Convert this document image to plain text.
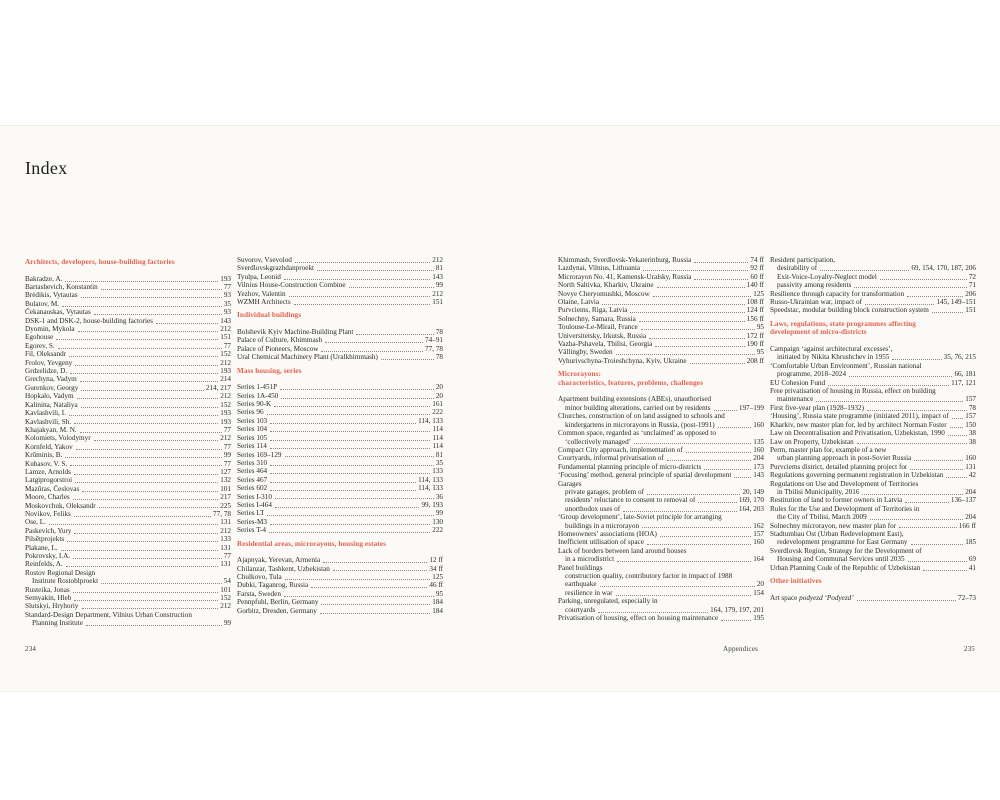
Index
Architects, developers, house-building factories
Bakradze, A.	193
Bartashevich, Konstantin	77
Brėdikis, Vytautas	93
Bulatov, M.	35
Čekanauskas, Vytautas	93
DSK-1 and DSK-2, house-building factories	143
Dyomin, Mykola	212
Egohouse	151
Egorev, S.	77
Fil, Oleksandr	152
Frolov, Yevgeny	212
Grdzelidze, D.	193
Grechyna, Vadym	214
Gurenkov, Georgy	214, 217
Hopkalo, Vadym	212
Kalinina, Nataliya	152
Kavlashvili, I.	193
Kavlashvili, Sh.	193
Khajakyan, M. N.	77
Kolomiets, Volodymyr	212
Kornfeld, Yakov	77
Krūminis, B.	99
Kubasov, V. S.	77
Lamze, Arnolds	127
Latgiprogorstroi	132
Mazūras, Česlovas	101
Moore, Charles	217
Moskovchuk, Oleksandr	225
Novikov, Feliks	77, 78
Ose, L.	131
Paskevich, Yury	212
Pilsētprojekts	133
Plakane, L.	131
Pokrovsky, I.A.	77
Reinfelds, A.	131
Rostov Regional Design
Institute Rostoblproekt	54
Rusteika, Jonas	101
Semyakin, Hleb	152
Slutskyi, Hryhoriy	212
Standard-Design Department, Vilnius Urban Construction
Planning Institute	99
Suvorov, Vsevolod	212
Sverdlovskgrazhdanproekt	81
Tyulpa, Leonid	143
Vilnius House-Construction Combine	99
Yezhov, Valentin	212
WZMH Architects	151
Individual buildings
Bolshevik Kyiv Machine-Building Plant	78
Palace of Culture, Khimmash	74–91
Palace of Pioneers, Moscow	77, 78
Ural Chemical Machinery Plant (Uralkhimmash)	78
Mass housing, series
Series 1-451P	20
Series 1A-450	20
Series 90-K	161
Series 96	222
Series 103	114, 133
Series 104	114
Series 105	114
Series 114	114
Series 169–129	81
Series 310	35
Series 464	133
Series 467	114, 133
Series 602	114, 133
Series I-310	36
Series I-464	99, 193
Series LT	99
Series-M3	130
Series T-4	222
Residential areas, microrayons, housing estates
Ajapnyak, Yerevan, Armenia	12 ff
Chilanzar, Tashkent, Uzbekistan	34 ff
Chulkovo, Tula	125
Dubki, Taganrog, Russia	46 ff
Farsta, Sweden	95
Pennpfuhl, Berlin, Germany	184
Gorbitz, Dresden, Germany	184
Khimmash, Sverdlovsk-Yekaterinburg, Russia	74 ff
Lazdynai, Vilnius, Lithuania	92 ff
Microrayon No. 41, Kamensk-Uralsky, Russia	60 ff
North Saltivka, Kharkiv, Ukraine	140 ff
Novye Cheryomushki, Moscow	125
Olaine, Latvia	108 ff
Purvciems, Riga, Latvia	124 ff
Solnechny, Samara, Russia	156 ff
Toulouse-Le-Mirail, France	95
Universitetsky, Irkutsk, Russia	172 ff
Vazha-Pshavela, Tbilisi, Georgia	190 ff
Vällingby, Sweden	95
Vyhurivschyna-Troieshchyna, Kyiv, Ukraine	208 ff
Microrayons:
characteristics, features, problems, challenges
Apartment building extensions (ABEs), unauthorised
minor building alterations, carried out by residents	197–199
Churches, construction of on land assigned to schools and
kindergartens in microrayons in Russia, (post-1991)	160
Common space, regarded as ‘unclaimed’ as opposed to
‘collectively managed’	135
Compact City approach, implementation of	160
Courtyards, informal privatisation of	204
Fundamental planning principle of micro-districts	173
‘Focusing’ method, general principle of spatial development	143
Garages
private garages, problem of	20, 149
residents’ reluctance to consent to removal of	169, 170
unorthodox uses of	164, 203
‘Group development’, late-Soviet principle for arranging
buildings in a microrayon	162
Homeowners’ associations (HOA)	157
Inefficient utilisation of space	160
Lack of borders between land around houses
in a microdistrict	164
Panel buildings
construction quality, contributory factor in impact of 1988
earthquake	20
resilience in war	154
Parking, unregulated, especially in
courtyards	164, 179, 197, 201
Privatisation of housing, effect on housing maintenance	195
Resident participation,
desirability of	69, 154, 170, 187, 206
Exit-Voice-Loyalty-Neglect model	72
passivity among residents	71
Resilience through capacity for transformation	206
Russo-Ukrainian war, impact of	145, 149–151
Speedstac, modular building block construction system	151
Laws, regulations, state programmes affecting
development of micro-districts
Campaign ‘against architectural excesses’,
initiated by Nikita Khrushchev in 1955	35, 76, 215
‘Comfortable Urban Environment’, Russian national
programme, 2018–2024	66, 181
EU Cohesion Fund	117, 121
Free privatisation of housing in Russia, effect on building
maintenance	157
First five-year plan (1928–1932)	78
‘Housing’, Russia state programme (initiated 2011), impact of 157
Kharkiv, new master plan for, led by architect Norman Foster	150
Law on Decentralisation and Privatisation, Uzbekistan, 1990	38
Law on Property, Uzbekistan	38
Perm, master plan for, example of a new
urban planning approach in post-Soviet Russia	160
Purvciems district, detailed planning project for	131
Regulations governing permanent registration in Uzbekistan	42
Regulations on Use and Development of Territories
in Tbilisi Municipality, 2016	204
Restitution of land to former owners in Latvia	136–137
Rules for the Use and Development of Territories in
the City of Tbilisi, March 2009	204
Solnechny microrayon, new master plan for	166 ff
Stadtumbau Ost (Urban Redevelopment East),
redevelopment programme for East Germany	185
Sverdlovsk Region, Strategy for the Development of
Housing and Communal Services until 2035	69
Urban Planning Code of the Republic of Uzbekistan	41
Other initiatives
Art space podyezd ‘Podyezd’	72–73
234	Appendices	235
